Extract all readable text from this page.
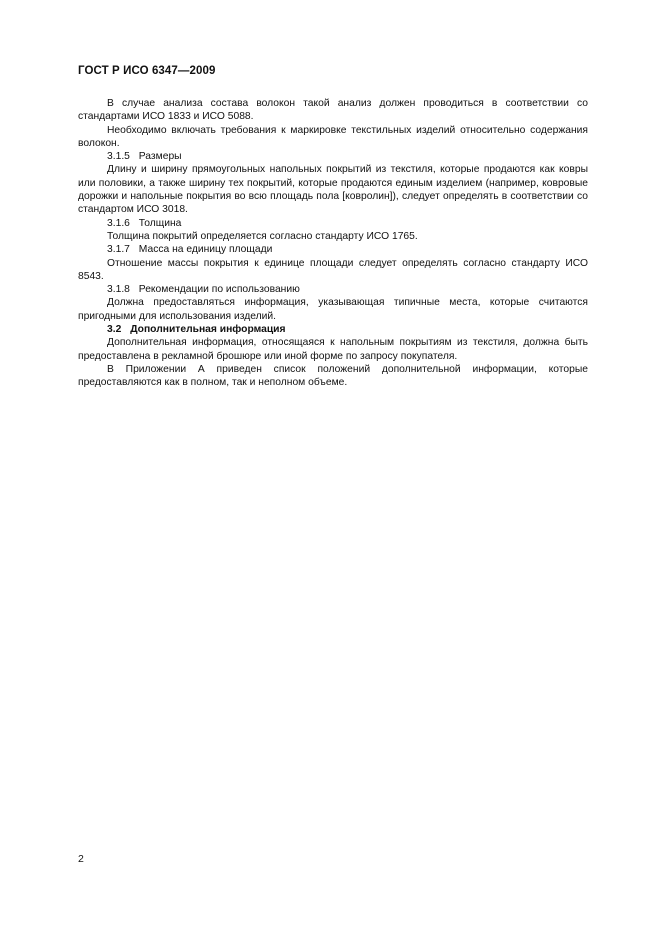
ГОСТ Р ИСО 6347—2009

В случае анализа состава волокон такой анализ должен проводиться в соответствии со стандартами ИСО 1833 и ИСО 5088.

Необходимо включать требования к маркировке текстильных изделий относительно содержания волокон.

3.1.5 Размеры

Длину и ширину прямоугольных напольных покрытий из текстиля, которые продаются как ковры или половики, а также ширину тех покрытий, которые продаются единым изделием (например, ковровые дорожки и напольные покрытия во всю площадь пола [ковролин]), следует определять в соответствии со стандартом ИСО 3018.

3.1.6 Толщина

Толщина покрытий определяется согласно стандарту ИСО 1765.

3.1.7 Масса на единицу площади

Отношение массы покрытия к единице площади следует определять согласно стандарту ИСО 8543.

3.1.8 Рекомендации по использованию

Должна предоставляться информация, указывающая типичные места, которые считаются пригодными для использования изделий.

3.2 Дополнительная информация

Дополнительная информация, относящаяся к напольным покрытиям из текстиля, должна быть предоставлена в рекламной брошюре или иной форме по запросу покупателя.

В Приложении А приведен список положений дополнительной информации, которые предоставляются как в полном, так и неполном объеме.

2
